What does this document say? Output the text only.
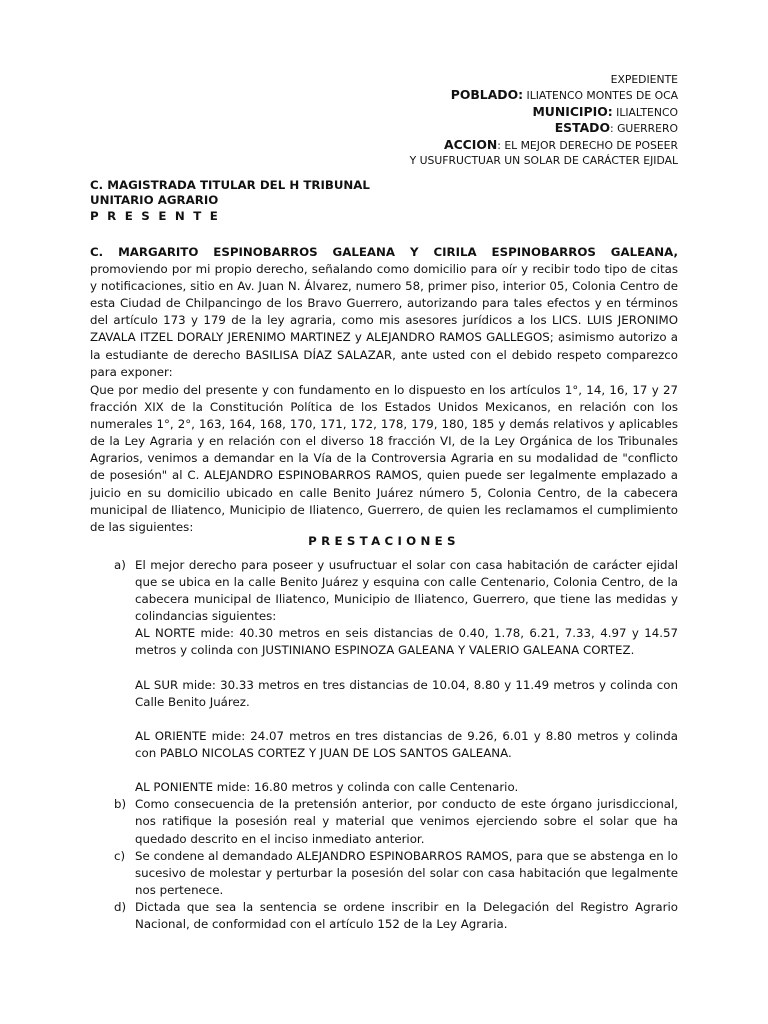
EXPEDIENTE
POBLADO: ILIATENCO MONTES DE OCA
MUNICIPIO: ILIALTENCO
ESTADO: GUERRERO
ACCION: EL MEJOR DERECHO DE POSEER
Y USUFRUCTUAR UN SOLAR DE CARÁCTER EJIDAL
C. MAGISTRADA TITULAR DEL H TRIBUNAL
UNITARIO AGRARIO
P R E S E N T E
C. MARGARITO ESPINOBARROS GALEANA Y CIRILA ESPINOBARROS GALEANA, promoviendo por mi propio derecho, señalando como domicilio para oír y recibir todo tipo de citas y notificaciones, sitio en Av. Juan N. Álvarez, numero 58, primer piso, interior 05, Colonia Centro de esta Ciudad de Chilpancingo de los Bravo Guerrero, autorizando para tales efectos y en términos del artículo 173 y 179 de la ley agraria, como mis asesores jurídicos a los LICS. LUIS JERONIMO ZAVALA ITZEL DORALY JERENIMO MARTINEZ y ALEJANDRO RAMOS GALLEGOS; asimismo autorizo a la estudiante de derecho BASILISA DÍAZ SALAZAR, ante usted con el debido respeto comparezco para exponer:
Que por medio del presente y con fundamento en lo dispuesto en los artículos 1°, 14, 16, 17 y 27 fracción XIX de la Constitución Política de los Estados Unidos Mexicanos, en relación con los numerales 1°, 2°, 163, 164, 168, 170, 171, 172, 178, 179, 180, 185 y demás relativos y aplicables de la Ley Agraria y en relación con el diverso 18 fracción VI, de la Ley Orgánica de los Tribunales Agrarios, venimos a demandar en la Vía de la Controversia Agraria en su modalidad de "conflicto de posesión" al C. ALEJANDRO ESPINOBARROS RAMOS, quien puede ser legalmente emplazado a juicio en su domicilio ubicado en calle Benito Juárez número 5, Colonia Centro, de la cabecera municipal de Iliatenco, Municipio de Iliatenco, Guerrero, de quien les reclamamos el cumplimiento de las siguientes:
PRESTACIONES
a) El mejor derecho para poseer y usufructuar el solar con casa habitación de carácter ejidal que se ubica en la calle Benito Juárez y esquina con calle Centenario, Colonia Centro, de la cabecera municipal de Iliatenco, Municipio de Iliatenco, Guerrero, que tiene las medidas y colindancias siguientes:
AL NORTE mide: 40.30 metros en seis distancias de 0.40, 1.78, 6.21, 7.33, 4.97 y 14.57 metros y colinda con JUSTINIANO ESPINOZA GALEANA Y VALERIO GALEANA CORTEZ.
AL SUR mide: 30.33 metros en tres distancias de 10.04, 8.80 y 11.49 metros y colinda con Calle Benito Juárez.
AL ORIENTE mide: 24.07 metros en tres distancias de 9.26, 6.01 y 8.80 metros y colinda con PABLO NICOLAS CORTEZ Y JUAN DE LOS SANTOS GALEANA.
AL PONIENTE mide: 16.80 metros y colinda con calle Centenario.
b) Como consecuencia de la pretensión anterior, por conducto de este órgano jurisdiccional, nos ratifique la posesión real y material que venimos ejerciendo sobre el solar que ha quedado descrito en el inciso inmediato anterior.
c) Se condene al demandado ALEJANDRO ESPINOBARROS RAMOS, para que se abstenga en lo sucesivo de molestar y perturbar la posesión del solar con casa habitación que legalmente nos pertenece.
d) Dictada que sea la sentencia se ordene inscribir en la Delegación del Registro Agrario Nacional, de conformidad con el artículo 152 de la Ley Agraria.
